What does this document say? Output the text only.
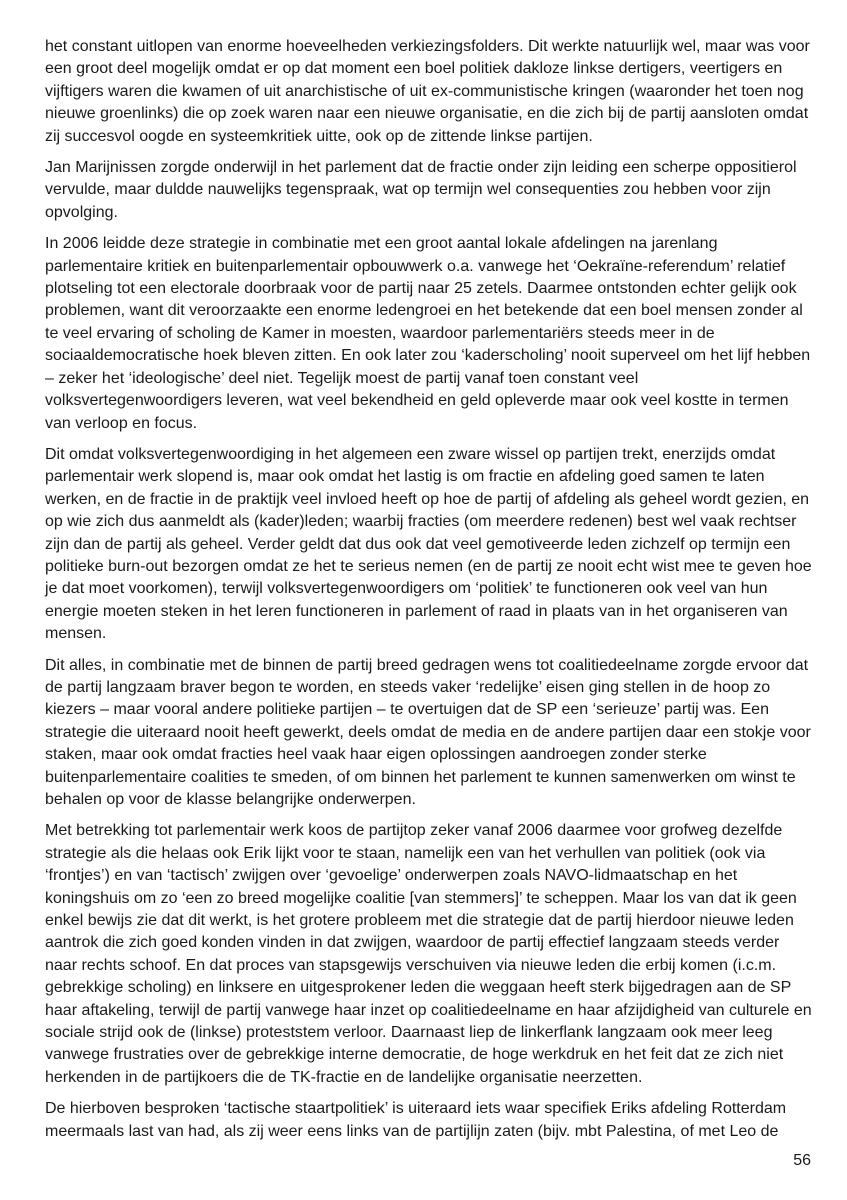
het constant uitlopen van enorme hoeveelheden verkiezingsfolders. Dit werkte natuurlijk wel, maar was voor een groot deel mogelijk omdat er op dat moment een boel politiek dakloze linkse dertigers, veertigers en vijftigers waren die kwamen of uit anarchistische of uit ex-communistische kringen (waaronder het toen nog nieuwe groenlinks) die op zoek waren naar een nieuwe organisatie, en die zich bij de partij aansloten omdat zij succesvol oogde en systeemkritiek uitte, ook op de zittende linkse partijen.

Jan Marijnissen zorgde onderwijl in het parlement dat de fractie onder zijn leiding een scherpe oppositierol vervulde, maar duldde nauwelijks tegenspraak, wat op termijn wel consequenties zou hebben voor zijn opvolging.

In 2006 leidde deze strategie in combinatie met een groot aantal lokale afdelingen na jarenlang parlementaire kritiek en buitenparlementair opbouwwerk o.a. vanwege het ‘Oekraïne-referendum’ relatief plotseling tot een electorale doorbraak voor de partij naar 25 zetels. Daarmee ontstonden echter gelijk ook problemen, want dit veroorzaakte een enorme ledengroei en het betekende dat een boel mensen zonder al te veel ervaring of scholing de Kamer in moesten, waardoor parlementariërs steeds meer in de sociaaldemocratische hoek bleven zitten. En ook later zou ‘kaderscholing’ nooit superveel om het lijf hebben – zeker het ‘ideologische’ deel niet. Tegelijk moest de partij vanaf toen constant veel volksvertegenwoordigers leveren, wat veel bekendheid en geld opleverde maar ook veel kostte in termen van verloop en focus.

Dit omdat volksvertegenwoordiging in het algemeen een zware wissel op partijen trekt, enerzijds omdat parlementair werk slopend is, maar ook omdat het lastig is om fractie en afdeling goed samen te laten werken, en de fractie in de praktijk veel invloed heeft op hoe de partij of afdeling als geheel wordt gezien, en op wie zich dus aanmeldt als (kader)leden; waarbij fracties (om meerdere redenen) best wel vaak rechtser zijn dan de partij als geheel. Verder geldt dat dus ook dat veel gemotiveerde leden zichzelf op termijn een politieke burn-out bezorgen omdat ze het te serieus nemen (en de partij ze nooit echt wist mee te geven hoe je dat moet voorkomen), terwijl volksvertegenwoordigers om ‘politiek’ te functioneren ook veel van hun energie moeten steken in het leren functioneren in parlement of raad in plaats van in het organiseren van mensen.

Dit alles, in combinatie met de binnen de partij breed gedragen wens tot coalitiedeelname zorgde ervoor dat de partij langzaam braver begon te worden, en steeds vaker ‘redelijke’ eisen ging stellen in de hoop zo kiezers – maar vooral andere politieke partijen – te overtuigen dat de SP een ‘serieuze’ partij was. Een strategie die uiteraard nooit heeft gewerkt, deels omdat de media en de andere partijen daar een stokje voor staken, maar ook omdat fracties heel vaak haar eigen oplossingen aandroegen zonder sterke buitenparlementaire coalities te smeden, of om binnen het parlement te kunnen samenwerken om winst te behalen op voor de klasse belangrijke onderwerpen.

Met betrekking tot parlementair werk koos de partijtop zeker vanaf 2006 daarmee voor grofweg dezelfde strategie als die helaas ook Erik lijkt voor te staan, namelijk een van het verhullen van politiek (ook via ‘frontjes’) en van ‘tactisch’ zwijgen over ‘gevoelige’ onderwerpen zoals NAVO-lidmaatschap en het koningshuis om zo ‘een zo breed mogelijke coalitie [van stemmers]’ te scheppen. Maar los van dat ik geen enkel bewijs zie dat dit werkt, is het grotere probleem met die strategie dat de partij hierdoor nieuwe leden aantrok die zich goed konden vinden in dat zwijgen, waardoor de partij effectief langzaam steeds verder naar rechts schoof. En dat proces van stapsgewijs verschuiven via nieuwe leden die erbij komen (i.c.m. gebrekkige scholing) en linksere en uitgesprokener leden die weggaan heeft sterk bijgedragen aan de SP haar aftakeling, terwijl de partij vanwege haar inzet op coalitiedeelname en haar afzijdigheid van culturele en sociale strijd ook de (linkse) proteststem verloor. Daarnaast liep de linkerflank langzaam ook meer leeg vanwege frustraties over de gebrekkige interne democratie, de hoge werkdruk en het feit dat ze zich niet herkenden in de partijkoers die de TK-fractie en de landelijke organisatie neerzetten.

De hierboven besproken ‘tactische staartpolitiek’ is uiteraard iets waar specifiek Eriks afdeling Rotterdam meermaals last van had, als zij weer eens links van de partijlijn zaten (bijv. mbt Palestina, of met Leo de

56
